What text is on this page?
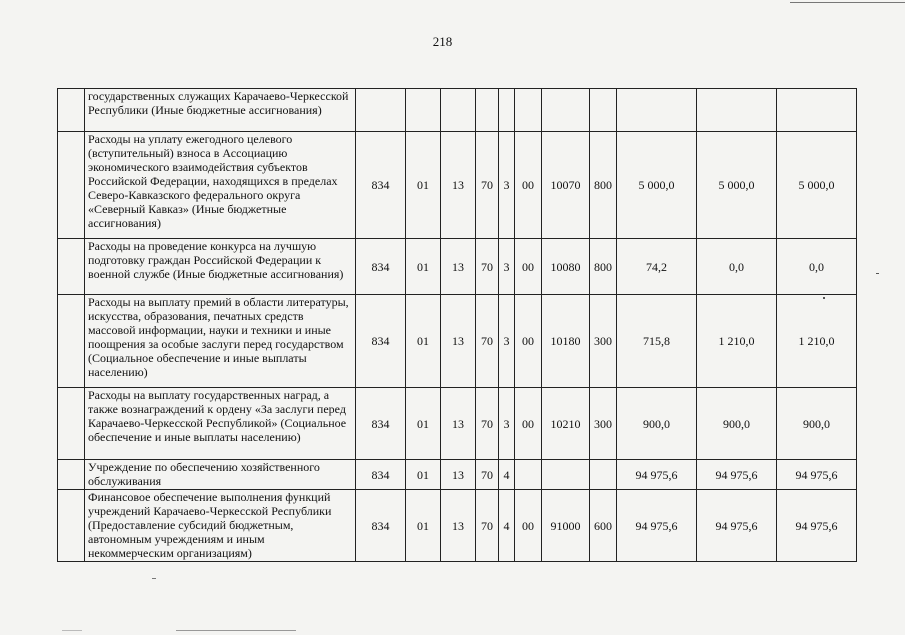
218
	государственных служащих Карачаево-Черкесской Республики (Иные бюджетные ассигнования)											
	Расходы на уплату ежегодного целевого (вступительный) взноса в Ассоциацию экономического взаимодействия субъектов Российской Федерации, находящихся в пределах Северо-Кавказского федерального округа «Северный Кавказ» (Иные бюджетные ассигнования)	834	01	13	70	3	00	10070	800	5 000,0	5 000,0	5 000,0
	Расходы на проведение конкурса на лучшую подготовку граждан Российской Федерации к военной службе (Иные бюджетные ассигнования)	834	01	13	70	3	00	10080	800	74,2	0,0	0,0
	Расходы на выплату премий в области литературы, искусства, образования, печатных средств массовой информации, науки и техники и иные поощрения за особые заслуги перед государством (Социальное обеспечение и иные выплаты населению)	834	01	13	70	3	00	10180	300	715,8	1 210,0	1 210,0
	Расходы на выплату государственных наград, а также вознаграждений к ордену «За заслуги перед Карачаево-Черкесской Республикой» (Социальное обеспечение и иные выплаты населению)	834	01	13	70	3	00	10210	300	900,0	900,0	900,0
	Учреждение по обеспечению хозяйственного обслуживания	834	01	13	70	4				94 975,6	94 975,6	94 975,6
	Финансовое обеспечение выполнения функций учреждений Карачаево-Черкесской Республики (Предоставление субсидий бюджетным, автономным учреждениям и иным некоммерческим организациям)	834	01	13	70	4	00	91000	600	94 975,6	94 975,6	94 975,6
